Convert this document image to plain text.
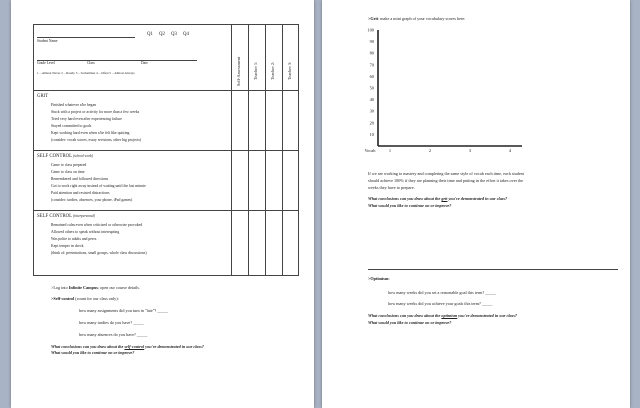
Q1 Q2 Q3 Q4
Student Name
Grade Level	Class	Date
1 – Almost Never 2 – Rarely 3 – Sometimes 4 – Often 5 – Almost Always	Self-Assessment	Teacher 1:	Teacher 2:	Teacher 3:
GRIT
Finished whatever s/he began
Stuck with a project or activity for more than a few weeks
Tried very hard even after experiencing failure
Stayed committed to goals
Kept working hard even when s/he felt like quitting
(consider: vocab scores, essay revisions, other big projects)
SELF CONTROL (school work)
Came to class prepared
Came to class on time
Remembered and followed directions
Got to work right away instead of waiting until the last minute
Paid attention and resisted distractions
(consider: tardies, absences, your phone, iPad games)
SELF CONTROL (interpersonal)
Remained calm even when criticized or otherwise provoked
Allowed others to speak without interrupting
Was polite to adults and peers
Kept temper in check
(think of: presentations, small groups, whole class discussions)
>Log into Infinite Campus; open our course details.
>Self-control (count for our class only):
how many assignments did you turn in "late"? _____
how many tardies do you have? _____
how many absences do you have? _____
What conclusions can you draw about the self-control you've demonstrated in our class?
What would you like to continue on or improve?
>Grit: make a mini graph of your vocabulary scores here:
100
90
80
70
60
50
40
30
20
10
Vocab	1	2	3	4
If we are working to mastery and completing the same style of vocab each time, each student
should achieve 100% if they are planning their time and putting in the effort it takes over the
weeks they have to prepare.
What conclusions can you draw about the grit you've demonstrated in our class?
What would you like to continue on or improve?
>Optimism:
how many weeks did you set a reasonable goal this term? _____
how many weeks did you achieve your goals this term? _____
What conclusions can you draw about the optimism you've demonstrated in our class?
What would you like to continue on or improve?
